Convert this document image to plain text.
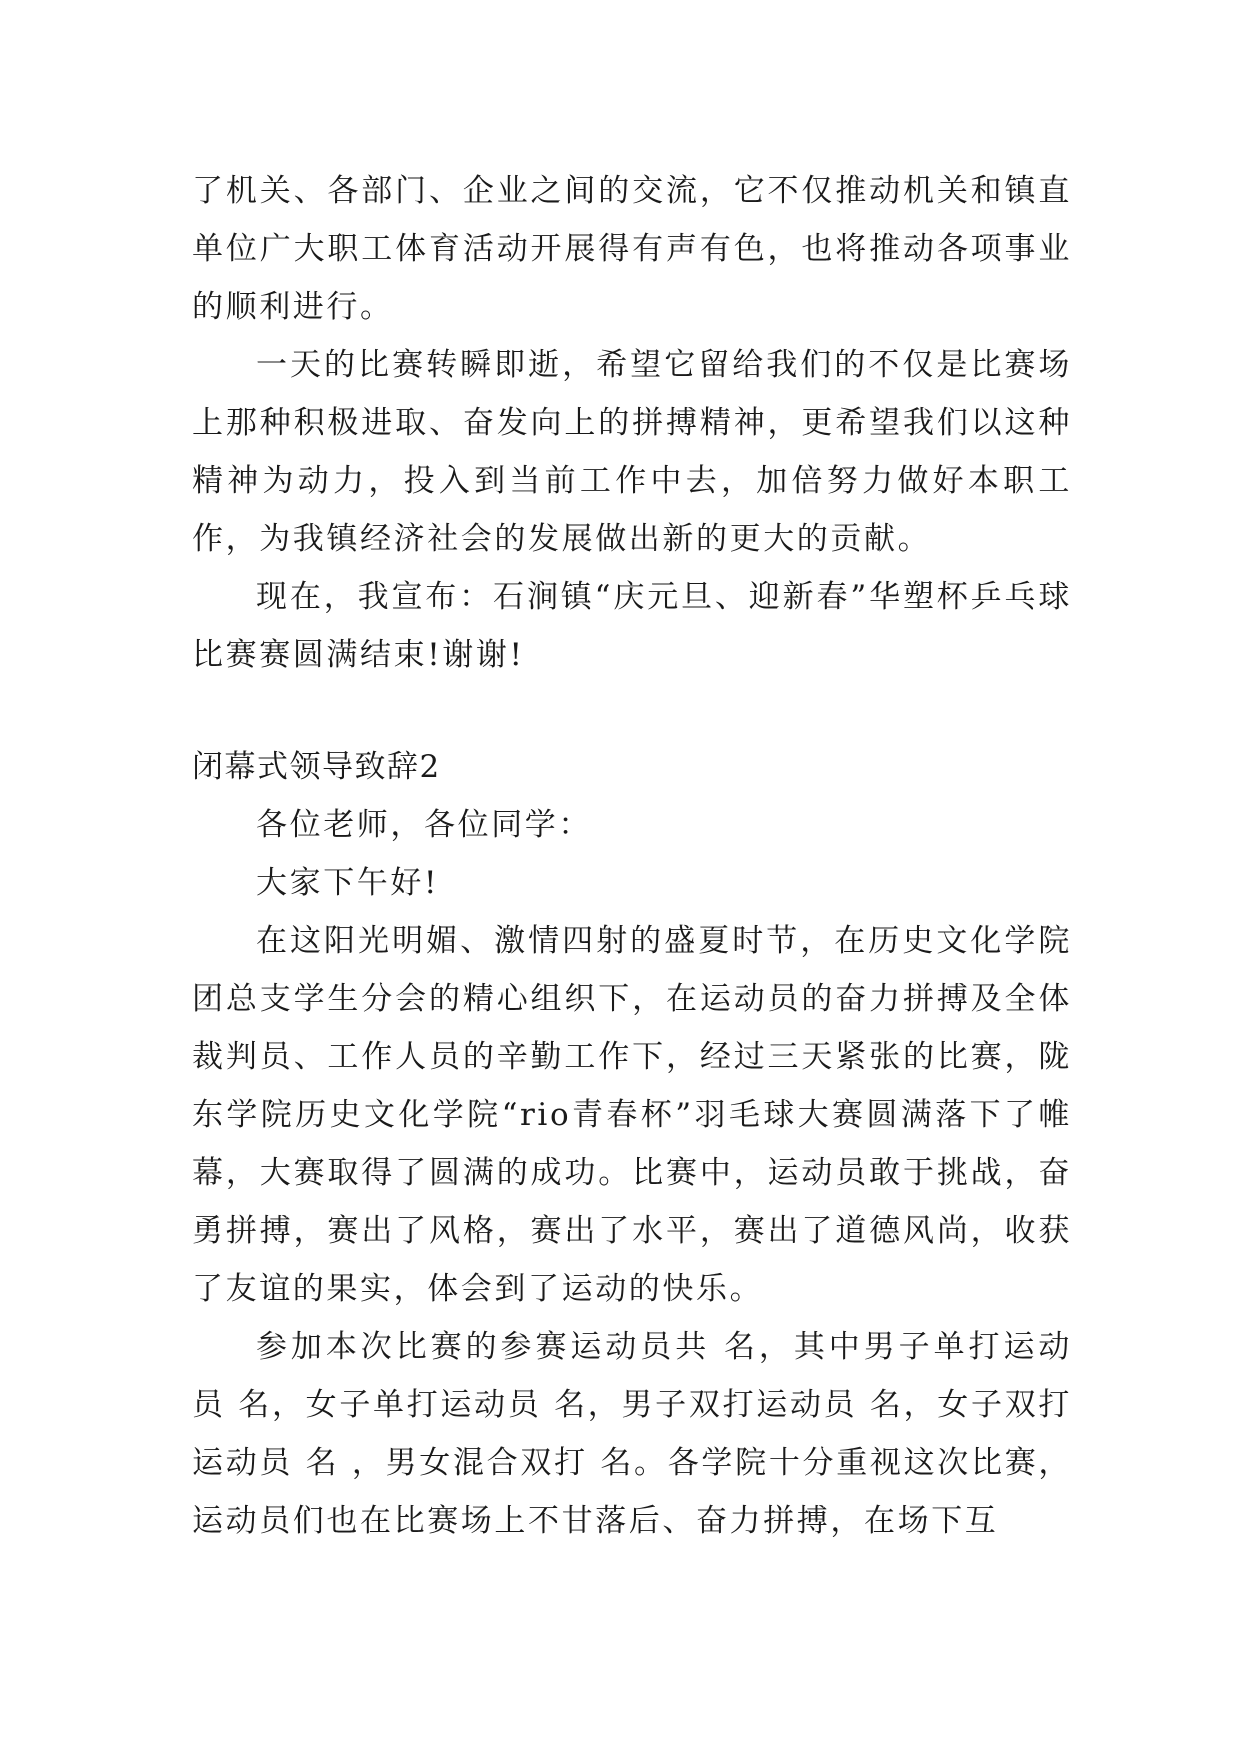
了机关、各部门、企业之间的交流，它不仅推动机关和镇直单位广大职工体育活动开展得有声有色，也将推动各项事业的顺利进行。

一天的比赛转瞬即逝，希望它留给我们的不仅是比赛场上那种积极进取、奋发向上的拼搏精神，更希望我们以这种精神为动力，投入到当前工作中去，加倍努力做好本职工作，为我镇经济社会的发展做出新的更大的贡献。

现在，我宣布：石涧镇“庆元旦、迎新春”华塑杯乒乓球比赛赛圆满结束!谢谢!

闭幕式领导致辞2

各位老师，各位同学：

大家下午好!

在这阳光明媚、激情四射的盛夏时节，在历史文化学院团总支学生分会的精心组织下，在运动员的奋力拼搏及全体裁判员、工作人员的辛勤工作下，经过三天紧张的比赛，陇东学院历史文化学院“rio青春杯”羽毛球大赛圆满落下了帷幕，大赛取得了圆满的成功。比赛中，运动员敢于挑战，奋勇拼搏，赛出了风格，赛出了水平，赛出了道德风尚，收获了友谊的果实，体会到了运动的快乐。

参加本次比赛的参赛运动员共 名，其中男子单打运动员 名，女子单打运动员 名，男子双打运动员 名，女子双打运动员 名 ，男女混合双打 名。各学院十分重视这次比赛，运动员们也在比赛场上不甘落后、奋力拼搏，在场下互
